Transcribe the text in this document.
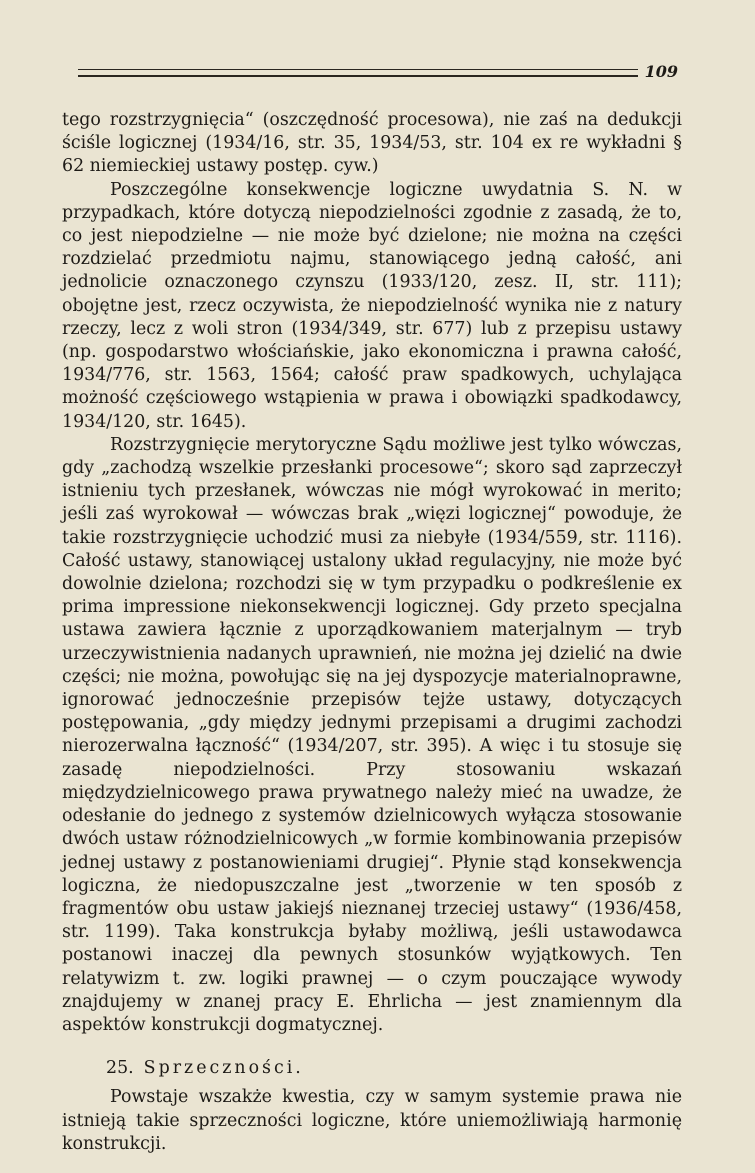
109

tego rozstrzygnięcia“ (oszczędność procesowa), nie zaś na dedukcji ściśle logicznej (1934/16, str. 35, 1934/53, str. 104 ex re wykładni § 62 niemieckiej ustawy postęp. cyw.)

Poszczególne konsekwencje logiczne uwydatnia S. N. w przypadkach, które dotyczą niepodzielności zgodnie z zasadą, że to, co jest niepodzielne — nie może być dzielone; nie można na części rozdzielać przedmiotu najmu, stanowiącego jedną całość, ani jednolicie oznaczonego czynszu (1933/120, zesz. II, str. 111); obojętne jest, rzecz oczywista, że niepodzielność wynika nie z natury rzeczy, lecz z woli stron (1934/349, str. 677) lub z przepisu ustawy (np. gospodarstwo włościańskie, jako ekonomiczna i prawna całość, 1934/776, str. 1563, 1564; całość praw spadkowych, uchylająca możność częściowego wstąpienia w prawa i obowiązki spadkodawcy, 1934/120, str. 1645).

Rozstrzygnięcie merytoryczne Sądu możliwe jest tylko wówczas, gdy „zachodzą wszelkie przesłanki procesowe“; skoro sąd zaprzeczył istnieniu tych przesłanek, wówczas nie mógł wyrokować in merito; jeśli zaś wyrokował — wówczas brak „więzi logicznej“ powoduje, że takie rozstrzygnięcie uchodzić musi za niebyłe (1934/559, str. 1116). Całość ustawy, stanowiącej ustalony układ regulacyjny, nie może być dowolnie dzielona; rozchodzi się w tym przypadku o podkreślenie ex prima impressione niekonsekwencji logicznej. Gdy przeto specjalna ustawa zawiera łącznie z uporządkowaniem materjalnym — tryb urzeczywistnienia nadanych uprawnień, nie można jej dzielić na dwie części; nie można, powołując się na jej dyspozycje materialnoprawne, ignorować jednocześnie przepisów tejże ustawy, dotyczących postępowania, „gdy między jednymi przepisami a drugimi zachodzi nierozerwalna łączność“ (1934/207, str. 395). A więc i tu stosuje się zasadę niepodzielności. Przy stosowaniu wskazań międzydzielnicowego prawa prywatnego należy mieć na uwadze, że odesłanie do jednego z systemów dzielnicowych wyłącza stosowanie dwóch ustaw różnodzielnicowych „w formie kombinowania przepisów jednej ustawy z postanowieniami drugiej“. Płynie stąd konsekwencja logiczna, że niedopuszczalne jest „tworzenie w ten sposób z fragmentów obu ustaw jakiejś nieznanej trzeciej ustawy“ (1936/458, str. 1199). Taka konstrukcja byłaby możliwą, jeśli ustawodawca postanowi inaczej dla pewnych stosunków wyjątkowych. Ten relatywizm t. zw. logiki prawnej — o czym pouczające wywody znajdujemy w znanej pracy E. Ehrlicha — jest znamiennym dla aspektów konstrukcji dogmatycznej.

25. Sprzeczności.

Powstaje wszakże kwestia, czy w samym systemie prawa nie istnieją takie sprzeczności logiczne, które uniemożliwiają harmonię konstrukcji.
